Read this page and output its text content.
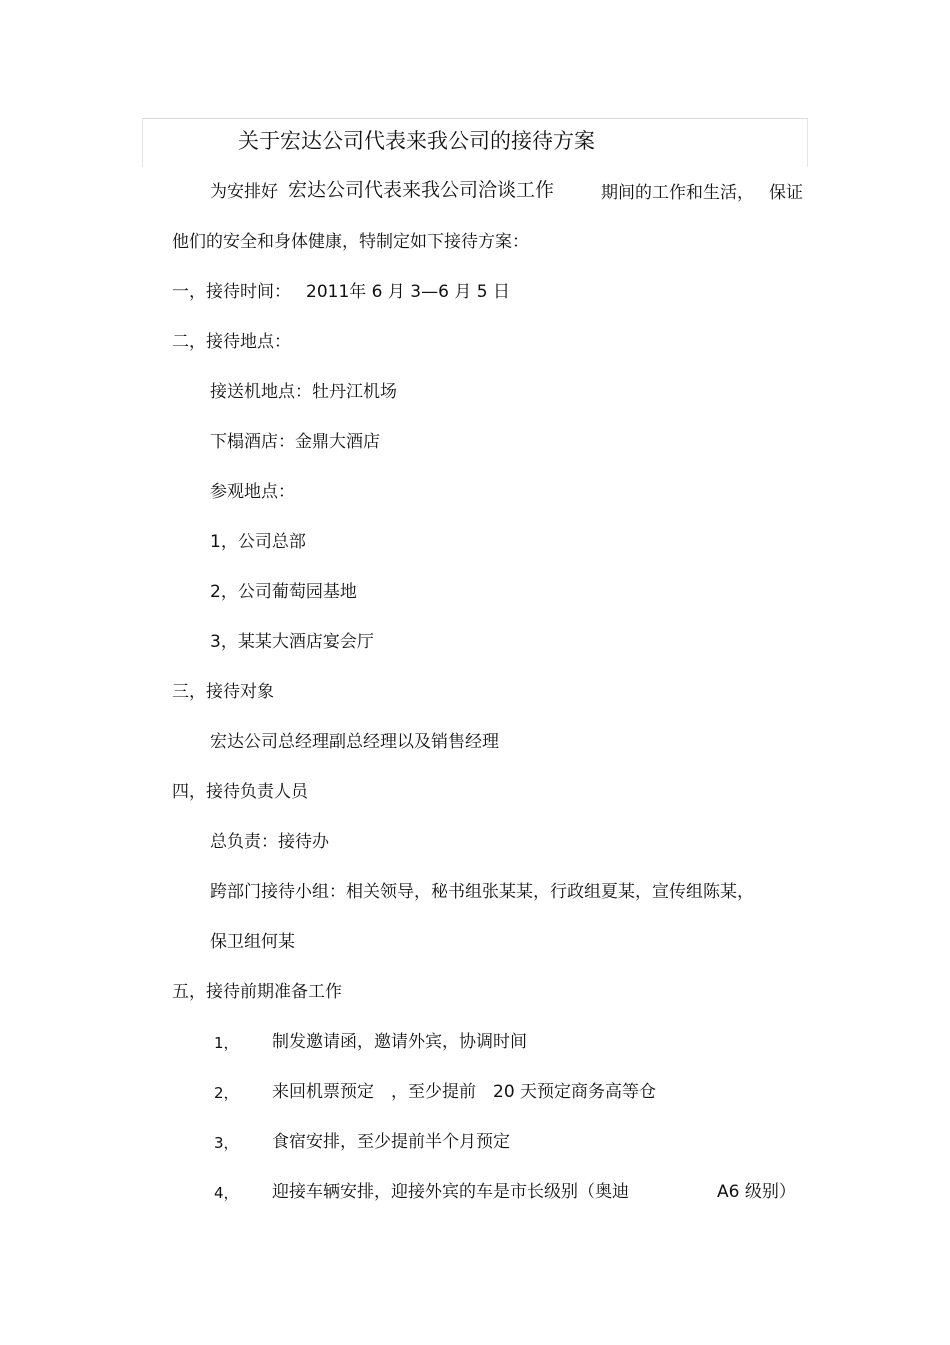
关于宏达公司代表来我公司的接待方案
为安排好 宏达公司代表来我公司洽谈工作	期间的工作和生活， 保证
他们的安全和身体健康，特制定如下接待方案：
一，接待时间： 2011年 6 月 3—6 月 5 日
二，接待地点：
接送机地点：牡丹江机场
下榻酒店：金鼎大酒店
参观地点：
1，公司总部
2，公司葡萄园基地
3，某某大酒店宴会厅
三，接待对象
宏达公司总经理副总经理以及销售经理
四，接待负责人员
总负责：接待办
跨部门接待小组：相关领导，秘书组张某某，行政组夏某，宣传组陈某，
保卫组何某
五，接待前期准备工作
1， 制发邀请函，邀请外宾，协调时间
2， 来回机票预定　，至少提前　20 天预定商务高等仓
3， 食宿安排，至少提前半个月预定
4， 迎接车辆安排，迎接外宾的车是市长级别（奥迪	A6 级别）
